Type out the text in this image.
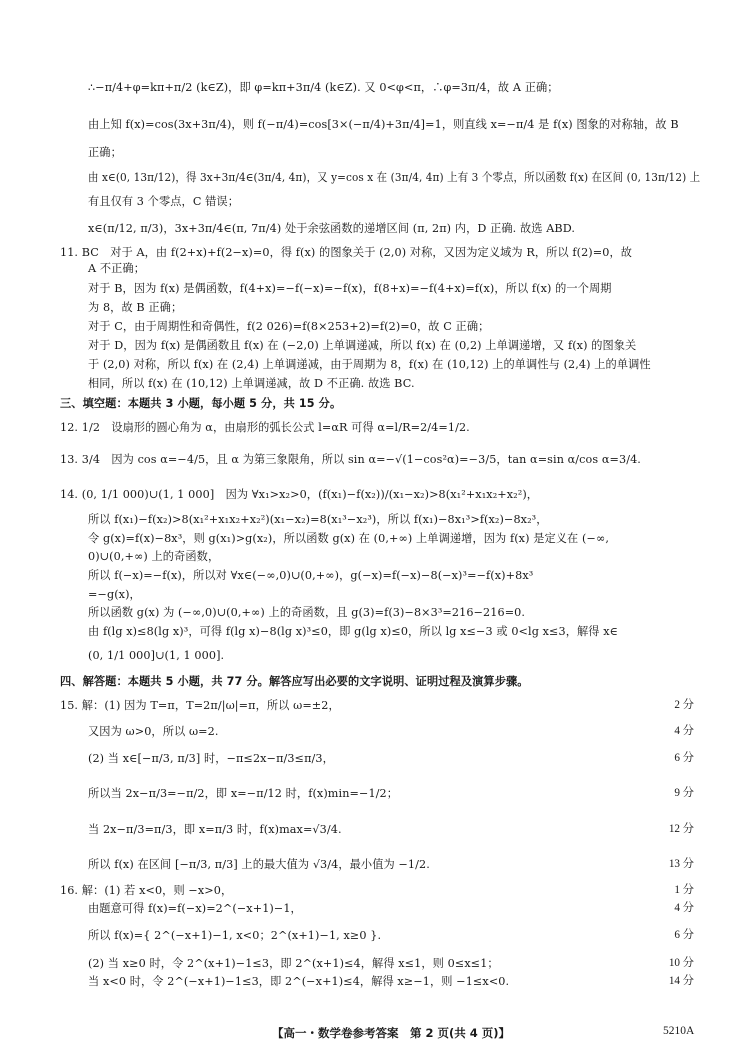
∴−π/4+φ=kπ+π/2 (k∈Z)，即 φ=kπ+3π/4 (k∈Z). 又 0<φ<π，∴φ=3π/4，故 A 正确；
由上知 f(x)=cos(3x+3π/4)，则 f(−π/4)=cos[3×(−π/4)+3π/4]=1，则直线 x=−π/4 是 f(x) 图象的对称轴，故 B
正确；
由 x∈(0, 13π/12)，得 3x+3π/4∈(3π/4, 4π)，又 y=cos x 在 (3π/4, 4π) 上有 3 个零点，所以函数 f(x) 在区间 (0, 13π/12) 上
有且仅有 3 个零点，C 错误；
x∈(π/12, π/3)，3x+3π/4∈(π, 7π/4) 处于余弦函数的递增区间 (π, 2π) 内，D 正确. 故选 ABD.
11. BC　对于 A，由 f(2+x)+f(2−x)=0，得 f(x) 的图象关于 (2,0) 对称，又因为定义域为 R，所以 f(2)=0，故
A 不正确；
对于 B，因为 f(x) 是偶函数，f(4+x)=−f(−x)=−f(x)，f(8+x)=−f(4+x)=f(x)，所以 f(x) 的一个周期
为 8，故 B 正确；
对于 C，由于周期性和奇偶性，f(2 026)=f(8×253+2)=f(2)=0，故 C 正确；
对于 D，因为 f(x) 是偶函数且 f(x) 在 (−2,0) 上单调递减，所以 f(x) 在 (0,2) 上单调递增，又 f(x) 的图象关
于 (2,0) 对称，所以 f(x) 在 (2,4) 上单调递减，由于周期为 8，f(x) 在 (10,12) 上的单调性与 (2,4) 上的单调性
相同，所以 f(x) 在 (10,12) 上单调递减，故 D 不正确. 故选 BC.
三、填空题：本题共 3 小题，每小题 5 分，共 15 分。
12. 1/2　设扇形的圆心角为 α，由扇形的弧长公式 l=αR 可得 α=l/R=2/4=1/2.
13. 3/4　因为 cos α=−4/5，且 α 为第三象限角，所以 sin α=−√(1−cos²α)=−3/5，tan α=sin α/cos α=3/4.
14. (0, 1/1 000)∪(1, 1 000]　因为 ∀x₁>x₂>0，(f(x₁)−f(x₂))/(x₁−x₂)>8(x₁²+x₁x₂+x₂²)，
所以 f(x₁)−f(x₂)>8(x₁²+x₁x₂+x₂²)(x₁−x₂)=8(x₁³−x₂³)，所以 f(x₁)−8x₁³>f(x₂)−8x₂³，
令 g(x)=f(x)−8x³，则 g(x₁)>g(x₂)，所以函数 g(x) 在 (0,+∞) 上单调递增，因为 f(x) 是定义在 (−∞,
0)∪(0,+∞) 上的奇函数，
所以 f(−x)=−f(x)，所以对 ∀x∈(−∞,0)∪(0,+∞)，g(−x)=f(−x)−8(−x)³=−f(x)+8x³
=−g(x)，
所以函数 g(x) 为 (−∞,0)∪(0,+∞) 上的奇函数，且 g(3)=f(3)−8×3³=216−216=0.
由 f(lg x)≤8(lg x)³，可得 f(lg x)−8(lg x)³≤0，即 g(lg x)≤0，所以 lg x≤−3 或 0<lg x≤3，解得 x∈
(0, 1/1 000]∪(1, 1 000].
四、解答题：本题共 5 小题，共 77 分。解答应写出必要的文字说明、证明过程及演算步骤。
15. 解：(1) 因为 T=π，T=2π/|ω|=π，所以 ω=±2，	2 分
又因为 ω>0，所以 ω=2.	4 分
(2) 当 x∈[−π/3, π/3] 时，−π≤2x−π/3≤π/3，	6 分
所以当 2x−π/3=−π/2，即 x=−π/12 时，f(x)min=−1/2；	9 分
当 2x−π/3=π/3，即 x=π/3 时，f(x)max=√3/4.	12 分
所以 f(x) 在区间 [−π/3, π/3] 上的最大值为 √3/4，最小值为 −1/2.	13 分
16. 解：(1) 若 x<0，则 −x>0，	1 分
由题意可得 f(x)=f(−x)=2^(−x+1)−1，	4 分
所以 f(x)={ 2^(−x+1)−1, x<0；2^(x+1)−1, x≥0 }.	6 分
(2) 当 x≥0 时，令 2^(x+1)−1≤3，即 2^(x+1)≤4，解得 x≤1，则 0≤x≤1；	10 分
当 x<0 时，令 2^(−x+1)−1≤3，即 2^(−x+1)≤4，解得 x≥−1，则 −1≤x<0.	14 分
【高一・数学卷参考答案　第 2 页(共 4 页)】	5210A
